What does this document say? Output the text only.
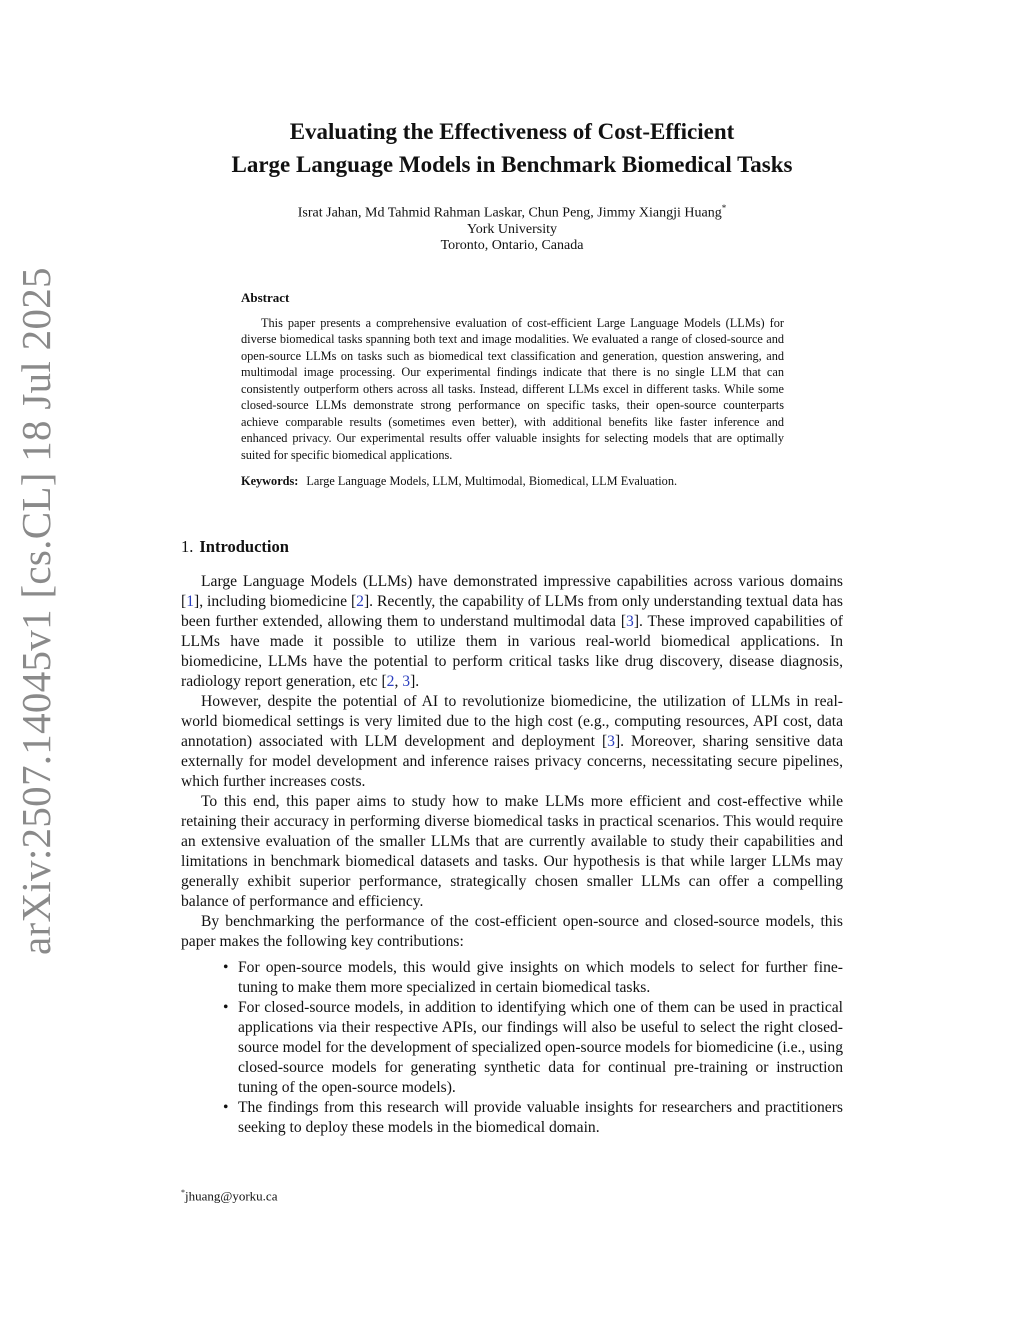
arXiv:2507.14045v1 [cs.CL] 18 Jul 2025
Evaluating the Effectiveness of Cost-Efficient
Large Language Models in Benchmark Biomedical Tasks
Israt Jahan, Md Tahmid Rahman Laskar, Chun Peng, Jimmy Xiangji Huang*
York University
Toronto, Ontario, Canada
Abstract

This paper presents a comprehensive evaluation of cost-efficient Large Language Models (LLMs) for diverse biomedical tasks spanning both text and image modalities. We evaluated a range of closed-source and open-source LLMs on tasks such as biomedical text classification and generation, question answering, and multimodal image processing. Our experimental findings indicate that there is no single LLM that can consistently outperform others across all tasks. Instead, different LLMs excel in different tasks. While some closed-source LLMs demonstrate strong performance on specific tasks, their open-source counterparts achieve comparable results (sometimes even better), with additional benefits like faster inference and enhanced privacy. Our experimental results offer valuable insights for selecting models that are optimally suited for specific biomedical applications.

Keywords: Large Language Models, LLM, Multimodal, Biomedical, LLM Evaluation.
1. Introduction

Large Language Models (LLMs) have demonstrated impressive capabilities across various domains [1], including biomedicine [2]. Recently, the capability of LLMs from only understanding textual data has been further extended, allowing them to understand multimodal data [3]. These improved capabilities of LLMs have made it possible to utilize them in various real-world biomedical applications. In biomedicine, LLMs have the potential to perform critical tasks like drug discovery, disease diagnosis, radiology report generation, etc [2, 3].

However, despite the potential of AI to revolutionize biomedicine, the utilization of LLMs in real-world biomedical settings is very limited due to the high cost (e.g., computing resources, API cost, data annotation) associated with LLM development and deployment [3]. Moreover, sharing sensitive data externally for model development and inference raises privacy concerns, necessitating secure pipelines, which further increases costs.

To this end, this paper aims to study how to make LLMs more efficient and cost-effective while retaining their accuracy in performing diverse biomedical tasks in practical scenarios. This would require an extensive evaluation of the smaller LLMs that are currently available to study their capabilities and limitations in benchmark biomedical datasets and tasks. Our hypothesis is that while larger LLMs may generally exhibit superior performance, strategically chosen smaller LLMs can offer a compelling balance of performance and efficiency.

By benchmarking the performance of the cost-efficient open-source and closed-source models, this paper makes the following key contributions:

• For open-source models, this would give insights on which models to select for further fine-tuning to make them more specialized in certain biomedical tasks.
• For closed-source models, in addition to identifying which one of them can be used in practical applications via their respective APIs, our findings will also be useful to select the right closed-source model for the development of specialized open-source models for biomedicine (i.e., using closed-source models for generating synthetic data for continual pre-training or instruction tuning of the open-source models).
• The findings from this research will provide valuable insights for researchers and practitioners seeking to deploy these models in the biomedical domain.
*jhuang@yorku.ca
